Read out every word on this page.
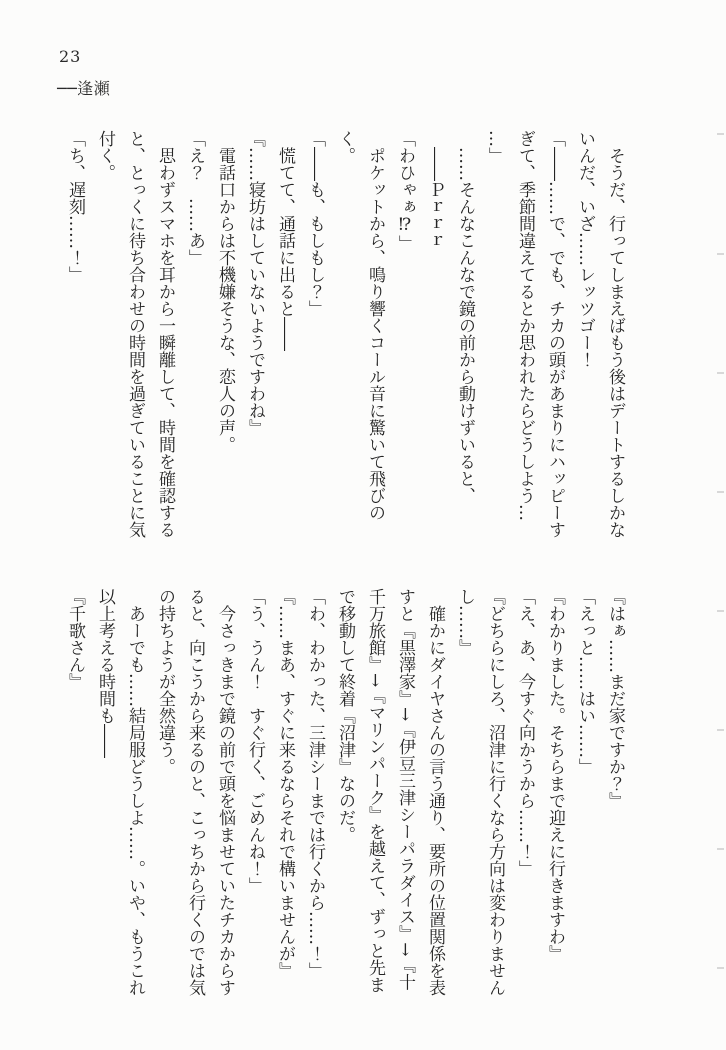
23
──逢瀬

そうだ、行ってしまえばもう後はデートするしかな

いんだ、いざ……レッツゴー！

「――……で、でも、チカの頭があまりにハッピーす

ぎて、季節間違えてるとか思われたらどうしよう…

…」

……そんなこんなで鏡の前から動けずいると、

――Ｐｒｒｒ

「わひゃぁ⁉」

ポケットから、鳴り響くコール音に驚いて飛びの

く。

「――も、もしもし？」

慌てて、通話に出ると――

『……寝坊はしていないようですわね』

電話口からは不機嫌そうな、恋人の声。

「え？　……あ」

思わずスマホを耳から一瞬離して、時間を確認する

と、とっくに待ち合わせの時間を過ぎていることに気

付く。

「ち、遅刻……！」

『はぁ……まだ家ですか？』

「えっと……はい……」

『わかりました。そちらまで迎えに行きますわ』

「え、あ、今すぐ向かうから……！」

『どちらにしろ、沼津に行くなら方向は変わりません

し……』

確かにダイヤさんの言う通り、要所の位置関係を表

すと『黒澤家』→『伊豆三津シーパラダイス』→『十

千万旅館』→『マリンパーク』を越えて、ずっと先ま

で移動して終着『沼津』なのだ。

「わ、わかった、三津シーまでは行くから……！」

『……まあ、すぐに来るならそれで構いませんが』

「う、うん！　すぐ行く、ごめんね！」

今さっきまで鏡の前で頭を悩ませていたチカからす

ると、向こうから来るのと、こっちから行くのでは気

の持ちようが全然違う。

あーでも……結局服どうしよ……。いや、もうこれ

以上考える時間も――

『千歌さん』
